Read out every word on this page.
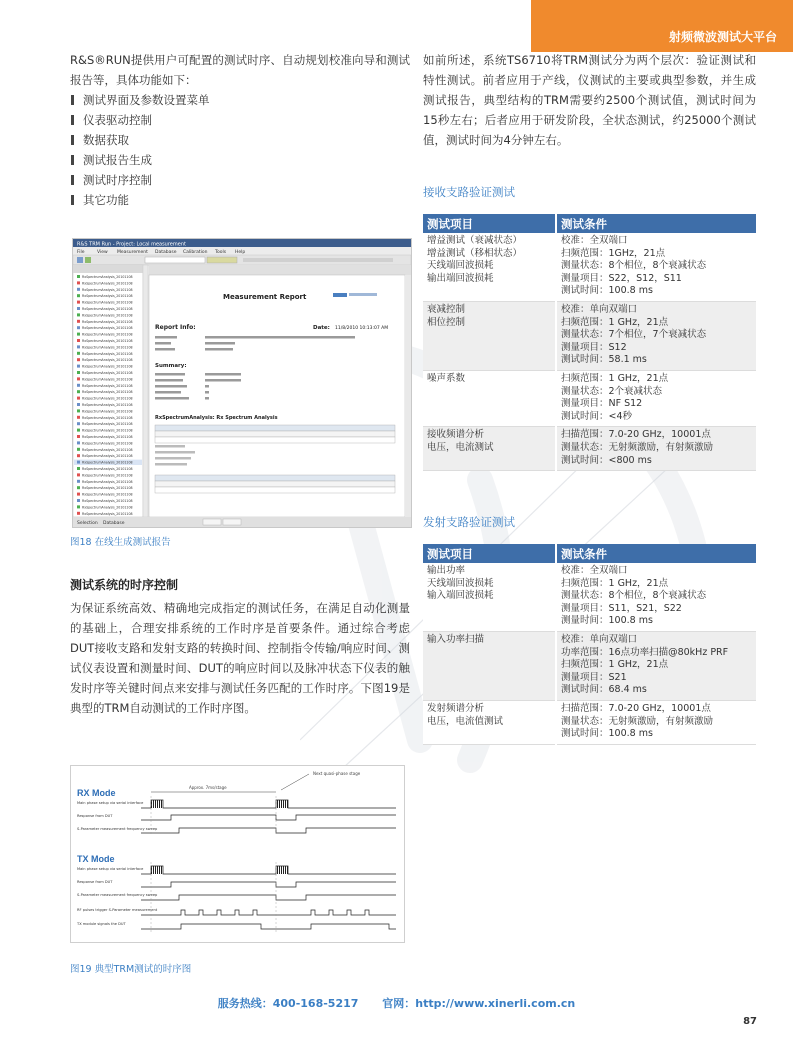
射频微波测试大平台

R&S®RUN提供用户可配置的测试时序、自动规划校准向导和测试报告等，具体功能如下：

测试界面及参数设置菜单
仪表驱动控制
数据获取
测试报告生成
测试时序控制
其它功能
R&S TRM Run - Project: Local measurement
File	View Measurement Database Calibration Tools Help
RxSpectrumAnalysis_20101108
RxSpectrumAnalysis_20101108
RxSpectrumAnalysis_20101108
RxSpectrumAnalysis_20101108
RxSpectrumAnalysis_20101108
RxSpectrumAnalysis_20101108
RxSpectrumAnalysis_20101108
RxSpectrumAnalysis_20101108
RxSpectrumAnalysis_20101108
RxSpectrumAnalysis_20101108
RxSpectrumAnalysis_20101108
RxSpectrumAnalysis_20101108
RxSpectrumAnalysis_20101108
RxSpectrumAnalysis_20101108
RxSpectrumAnalysis_20101108
RxSpectrumAnalysis_20101108
RxSpectrumAnalysis_20101108
RxSpectrumAnalysis_20101108
RxSpectrumAnalysis_20101108
RxSpectrumAnalysis_20101108
RxSpectrumAnalysis_20101108
RxSpectrumAnalysis_20101108
RxSpectrumAnalysis_20101108
RxSpectrumAnalysis_20101108
RxSpectrumAnalysis_20101108
RxSpectrumAnalysis_20101108
RxSpectrumAnalysis_20101108
RxSpectrumAnalysis_20101108
RxSpectrumAnalysis_20101108
RxSpectrumAnalysis_20101108
RxSpectrumAnalysis_20101108
RxSpectrumAnalysis_20101108
RxSpectrumAnalysis_20101108
RxSpectrumAnalysis_20101108
RxSpectrumAnalysis_20101108
RxSpectrumAnalysis_20101108
RxSpectrumAnalysis_20101108
RxSpectrumAnalysis_20101108
Measurement Report
Report Info:	Date: 11/8/2010 10:13:07 AM
Summary:
RxSpectrumAnalysis: Rx Spectrum Analysis
Selection Database
图18 在线生成测试报告
测试系统的时序控制

为保证系统高效、精确地完成指定的测试任务，在满足自动化测量的基础上，合理安排系统的工作时序是首要条件。通过综合考虑DUT接收支路和发射支路的转换时间、控制指令传输/响应时间、测试仪表设置和测量时间、DUT的响应时间以及脉冲状态下仪表的触发时序等关键时间点来安排与测试任务匹配的工作时序。下图19是典型的TRM自动测试的工作时序图。

Next quasi-phase stage
Approx. 7ms/stage
RX Mode
Main phase setup via serial interface
Response from DUT
S-Parameter measurement frequency sweep
TX Mode
Main phase setup via serial interface
Response from DUT
S-Parameter measurement frequency sweep
RF pulses trigger S-Parameter measurement
TX module signals the DUT
图19 典型TRM测试的时序图

如前所述，系统TS6710将TRM测试分为两个层次：验证测试和特性测试。前者应用于产线，仪测试的主要或典型参数，并生成测试报告，典型结构的TRM需要约2500个测试值，测试时间为15秒左右；后者应用于研发阶段，全状态测试，约25000个测试值，测试时间为4分钟左右。

接收支路验证测试
测试项目	测试条件

增益测试（衰减状态）
增益测试（移相状态）
天线端回波损耗
输出端回波损耗	校准：全双端口
扫频范围：1GHz，21点
测量状态：8个相位，8个衰减状态
测量项目：S22，S12，S11
测试时间：100.8 ms

衰减控制
相位控制	校准：单向双端口
扫频范围：1 GHz，21点
测量状态：7个相位，7个衰减状态
测量项目：S12
测试时间：58.1 ms

噪声系数	扫频范围：1 GHz，21点
测量状态：2个衰减状态
测量项目：NF S12
测试时间：<4秒

接收频谱分析
电压，电流测试	扫描范围：7.0-20 GHz，10001点
测量状态：无射频激励，有射频激励
测试时间：<800 ms
发射支路验证测试
测试项目	测试条件

输出功率
天线端回波损耗
输入端回波损耗	校准：全双端口
扫频范围：1 GHz，21点
测量状态：8个相位，8个衰减状态
测量项目：S11，S21，S22
测量时间：100.8 ms

输入功率扫描	校准：单向双端口
功率范围：16点功率扫描@80kHz PRF
扫频范围：1 GHz，21点
测量项目：S21
测试时间：68.4 ms

发射频谱分析
电压，电流值测试	扫描范围：7.0-20 GHz，10001点
测量状态：无射频激励，有射频激励
测试时间：100.8 ms
服务热线：400-168-5217 官网：http://www.xinerli.com.cn
87
